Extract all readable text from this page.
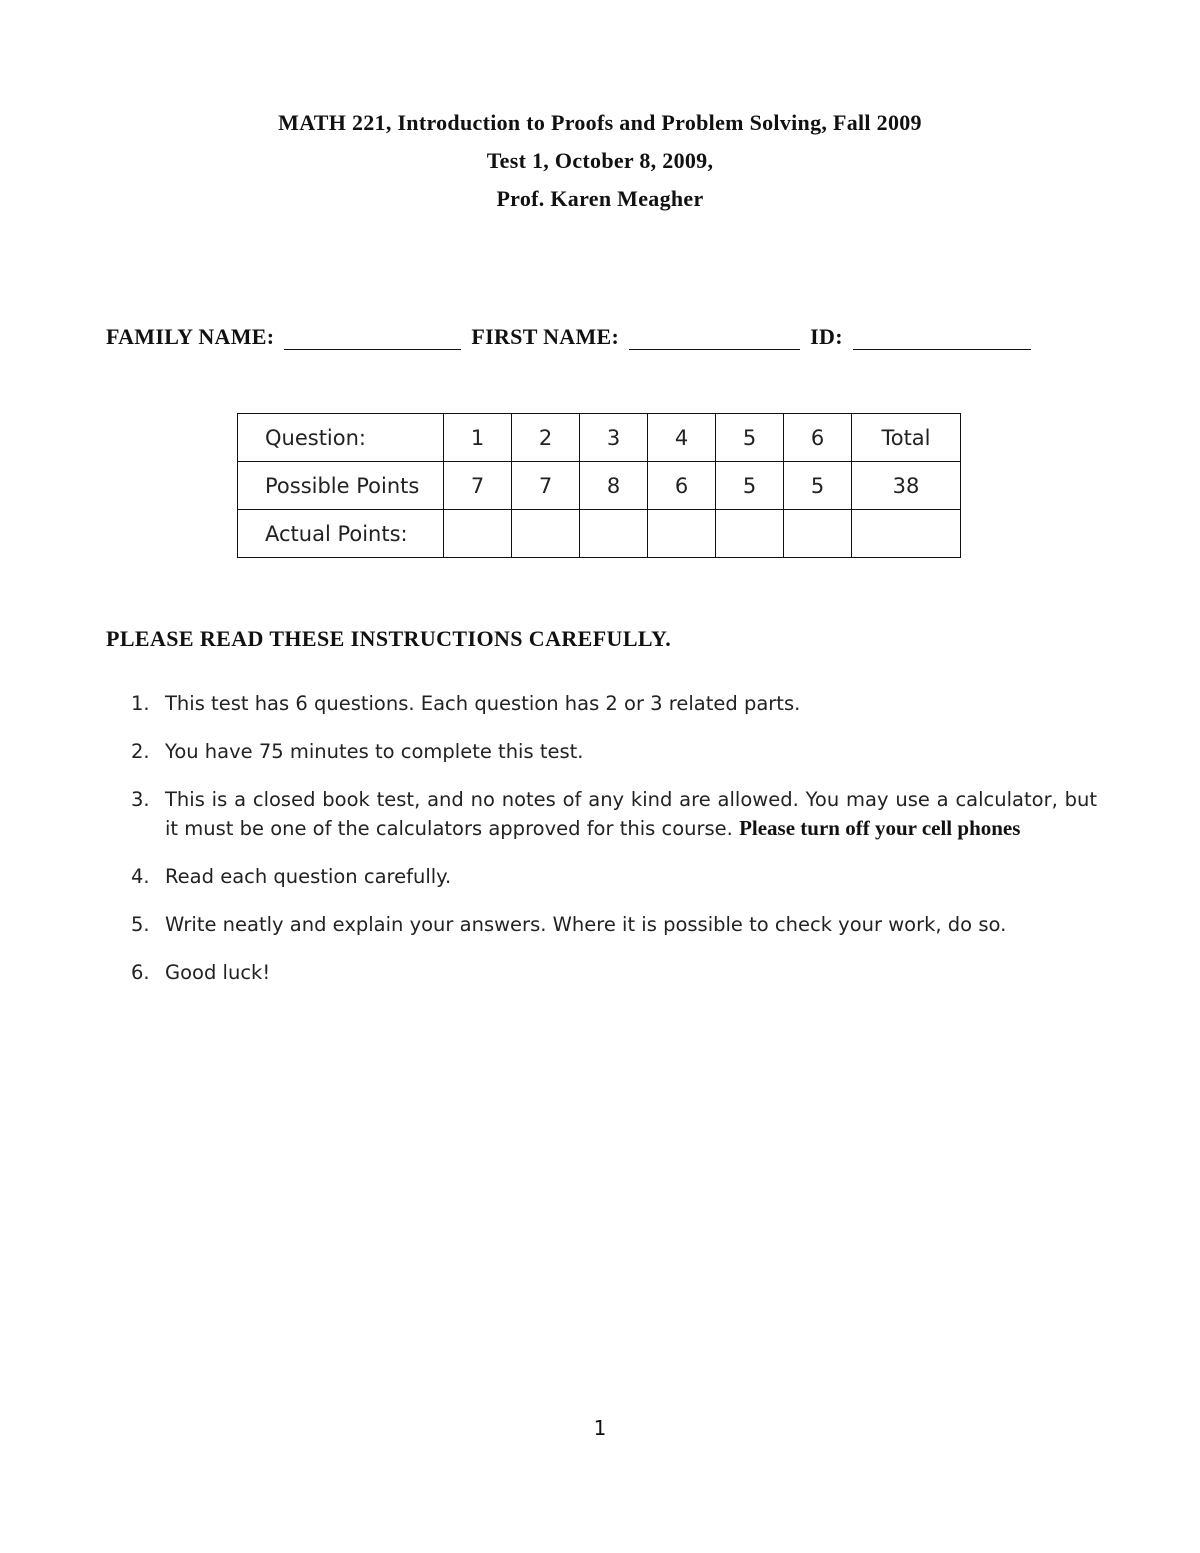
MATH 221, Introduction to Proofs and Problem Solving, Fall 2009
Test 1, October 8, 2009,
Prof. Karen Meagher
FAMILY NAME:	FIRST NAME:	ID:
Question:	1	2	3	4	5	6	Total
Possible Points	7	7	8	6	5	5	38
Actual Points:							
PLEASE READ THESE INSTRUCTIONS CAREFULLY.
1. This test has 6 questions. Each question has 2 or 3 related parts.
2. You have 75 minutes to complete this test.
3. This is a closed book test, and no notes of any kind are allowed. You may use a calculator, but it must be one of the calculators approved for this course. Please turn off your cell phones
4. Read each question carefully.
5. Write neatly and explain your answers. Where it is possible to check your work, do so.
6. Good luck!
1
